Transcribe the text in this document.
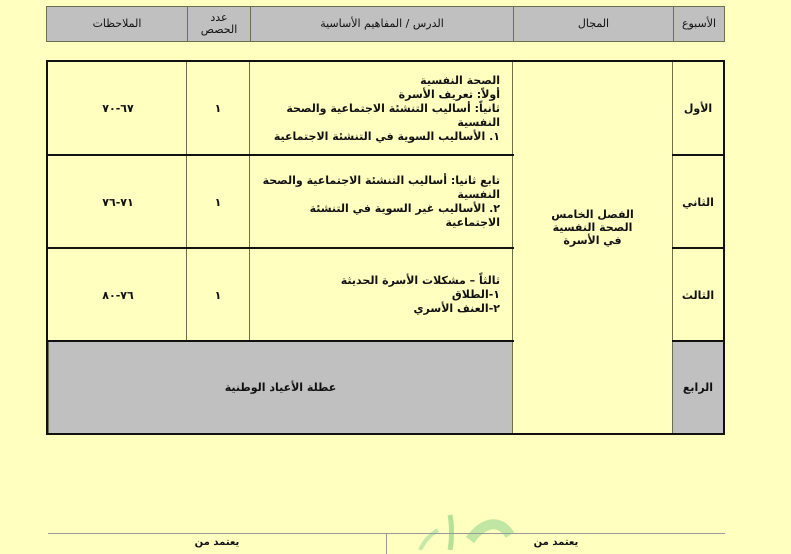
الأسبوع
المجال
الدرس / المفاهيم الأساسية
عدد
الحصص
الملاحظات
الفصل الخامس
الصحة النفسية
في الأسرة
الأول
الصحة النفسية
أولاً: تعريف الأسرة
ثانياً: أساليب التنشئة الاجتماعية والصحة النفسية
١. الأساليب السوية في التنشئة الاجتماعية
١
٦٧-٧٠
الثاني
تابع ثانيا: أساليب التنشئة الاجتماعية والصحة النفسية
٢. الأساليب غير السوية في التنشئة الاجتماعية
١
٧١-٧٦
الثالث
ثالثاً – مشكلات الأسرة الحديثة
١-الطلاق
٢-العنف الأسري
١
٧٦-٨٠
الرابع
عطلة الأعياد الوطنية
يعتمد من
يعتمد من
